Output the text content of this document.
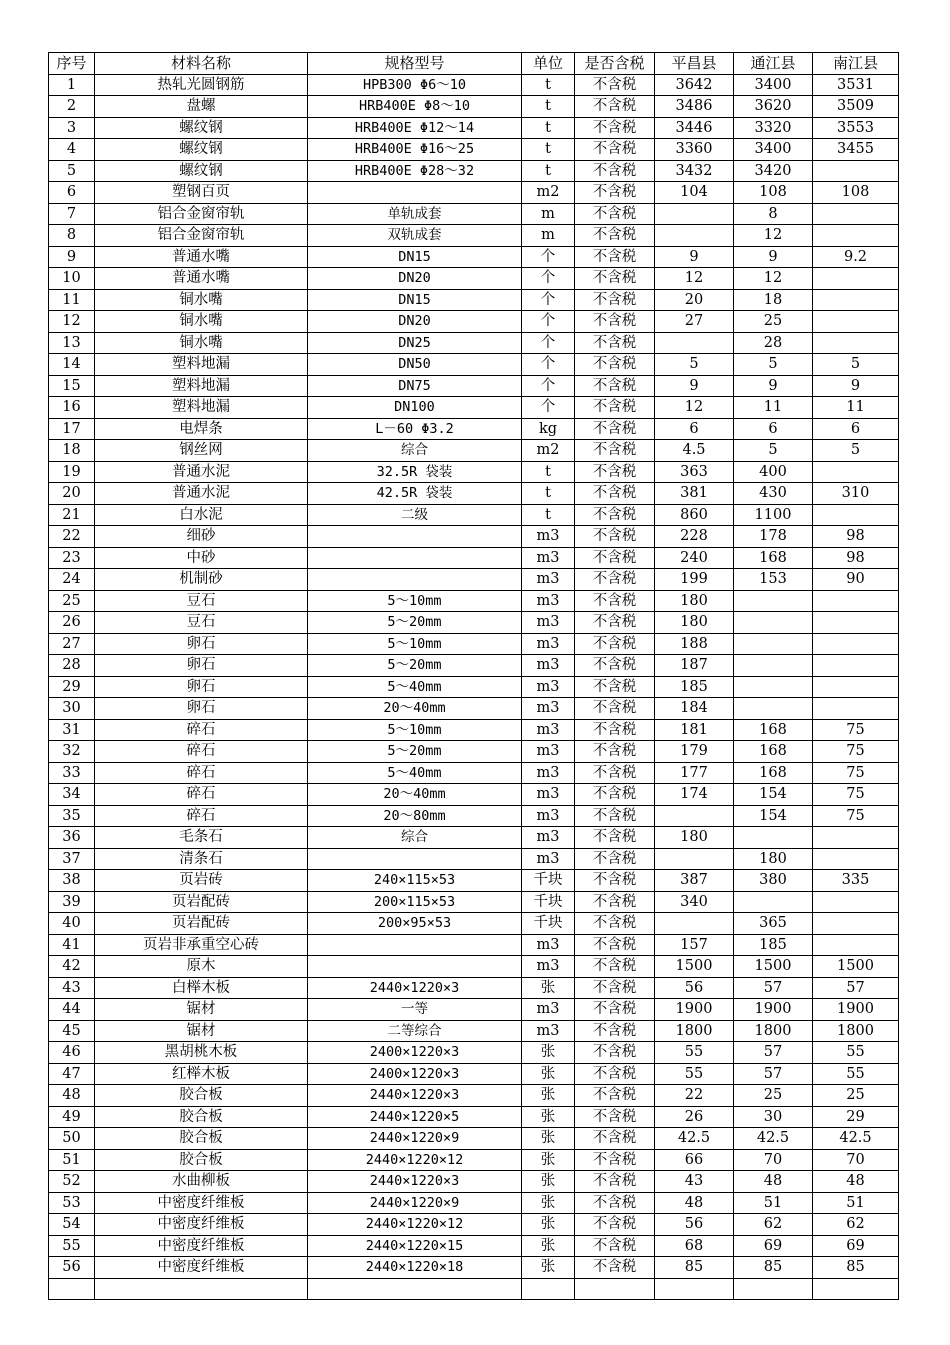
序号	材料名称	规格型号	单位	是否含税	平昌县	通江县	南江县
1	热轧光圆钢筋	HPB300 Φ6～10	t	不含税	3642	3400	3531
2	盘螺	HRB400E Φ8～10	t	不含税	3486	3620	3509
3	螺纹钢	HRB400E Φ12～14	t	不含税	3446	3320	3553
4	螺纹钢	HRB400E Φ16～25	t	不含税	3360	3400	3455
5	螺纹钢	HRB400E Φ28～32	t	不含税	3432	3420	
6	塑钢百页		m2	不含税	104	108	108
7	铝合金窗帘轨	单轨成套	m	不含税		8	
8	铝合金窗帘轨	双轨成套	m	不含税		12	
9	普通水嘴	DN15	个	不含税	9	9	9.2
10	普通水嘴	DN20	个	不含税	12	12	
11	铜水嘴	DN15	个	不含税	20	18	
12	铜水嘴	DN20	个	不含税	27	25	
13	铜水嘴	DN25	个	不含税		28	
14	塑料地漏	DN50	个	不含税	5	5	5
15	塑料地漏	DN75	个	不含税	9	9	9
16	塑料地漏	DN100	个	不含税	12	11	11
17	电焊条	L－60 Φ3.2	kg	不含税	6	6	6
18	钢丝网	综合	m2	不含税	4.5	5	5
19	普通水泥	32.5R 袋装	t	不含税	363	400	
20	普通水泥	42.5R 袋装	t	不含税	381	430	310
21	白水泥	二级	t	不含税	860	1100	
22	细砂		m3	不含税	228	178	98
23	中砂		m3	不含税	240	168	98
24	机制砂		m3	不含税	199	153	90
25	豆石	5～10mm	m3	不含税	180		
26	豆石	5～20mm	m3	不含税	180		
27	卵石	5～10mm	m3	不含税	188		
28	卵石	5～20mm	m3	不含税	187		
29	卵石	5～40mm	m3	不含税	185		
30	卵石	20～40mm	m3	不含税	184		
31	碎石	5～10mm	m3	不含税	181	168	75
32	碎石	5～20mm	m3	不含税	179	168	75
33	碎石	5～40mm	m3	不含税	177	168	75
34	碎石	20～40mm	m3	不含税	174	154	75
35	碎石	20～80mm	m3	不含税		154	75
36	毛条石	综合	m3	不含税	180		
37	清条石		m3	不含税		180	
38	页岩砖	240×115×53	千块	不含税	387	380	335
39	页岩配砖	200×115×53	千块	不含税	340		
40	页岩配砖	200×95×53	千块	不含税		365	
41	页岩非承重空心砖		m3	不含税	157	185	
42	原木		m3	不含税	1500	1500	1500
43	白榉木板	2440×1220×3	张	不含税	56	57	57
44	锯材	一等	m3	不含税	1900	1900	1900
45	锯材	二等综合	m3	不含税	1800	1800	1800
46	黑胡桃木板	2400×1220×3	张	不含税	55	57	55
47	红榉木板	2400×1220×3	张	不含税	55	57	55
48	胶合板	2440×1220×3	张	不含税	22	25	25
49	胶合板	2440×1220×5	张	不含税	26	30	29
50	胶合板	2440×1220×9	张	不含税	42.5	42.5	42.5
51	胶合板	2440×1220×12	张	不含税	66	70	70
52	水曲柳板	2440×1220×3	张	不含税	43	48	48
53	中密度纤维板	2440×1220×9	张	不含税	48	51	51
54	中密度纤维板	2440×1220×12	张	不含税	56	62	62
55	中密度纤维板	2440×1220×15	张	不含税	68	69	69
56	中密度纤维板	2440×1220×18	张	不含税	85	85	85
